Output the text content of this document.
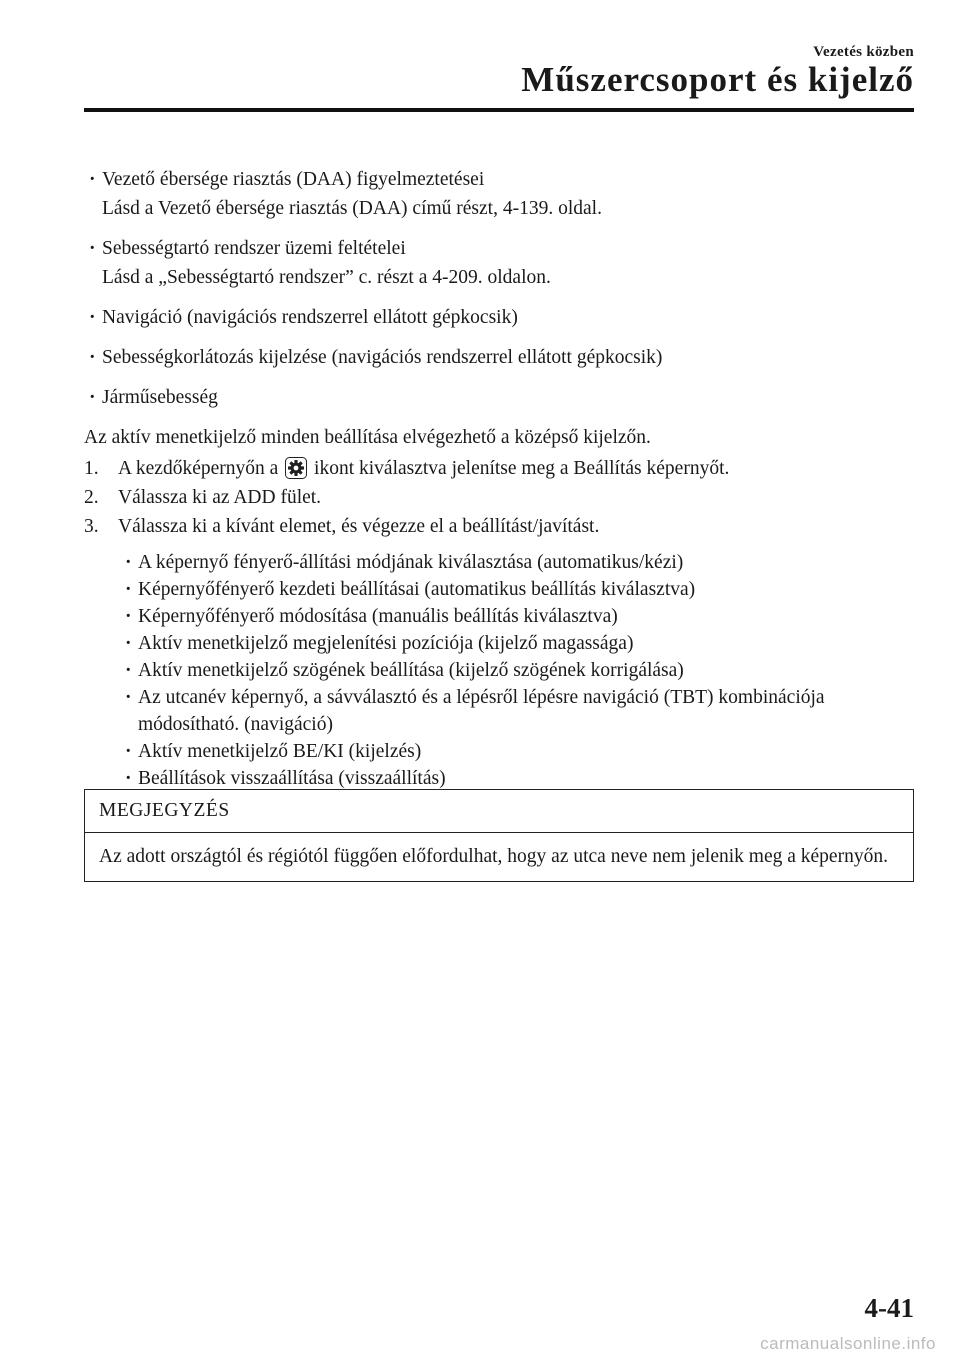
Vezetés közben
Műszercsoport és kijelző
· Vezető ébersége riasztás (DAA) figyelmeztetései
Lásd a Vezető ébersége riasztás (DAA) című részt, 4-139. oldal.
· Sebességtartó rendszer üzemi feltételei
Lásd a „Sebességtartó rendszer” c. részt a 4-209. oldalon.
· Navigáció (navigációs rendszerrel ellátott gépkocsik)
· Sebességkorlátozás kijelzése (navigációs rendszerrel ellátott gépkocsik)
· Járműsebesség
Az aktív menetkijelző minden beállítása elvégezhető a középső kijelzőn.
1. A kezdőképernyőn a ikont kiválasztva jelenítse meg a Beállítás képernyőt.
2. Válassza ki az ADD fület.
3. Válassza ki a kívánt elemet, és végezze el a beállítást/javítást.
· A képernyő fényerő-állítási módjának kiválasztása (automatikus/kézi)
· Képernyőfényerő kezdeti beállításai (automatikus beállítás kiválasztva)
· Képernyőfényerő módosítása (manuális beállítás kiválasztva)
· Aktív menetkijelző megjelenítési pozíciója (kijelző magassága)
· Aktív menetkijelző szögének beállítása (kijelző szögének korrigálása)
· Az utcanév képernyő, a sávválasztó és a lépésről lépésre navigáció (TBT) kombinációja módosítható. (navigáció)
· Aktív menetkijelző BE/KI (kijelzés)
· Beállítások visszaállítása (visszaállítás)
MEGJEGYZÉS
Az adott országtól és régiótól függően előfordulhat, hogy az utca neve nem jelenik meg a képernyőn.
4-41
carmanualsonline.info
